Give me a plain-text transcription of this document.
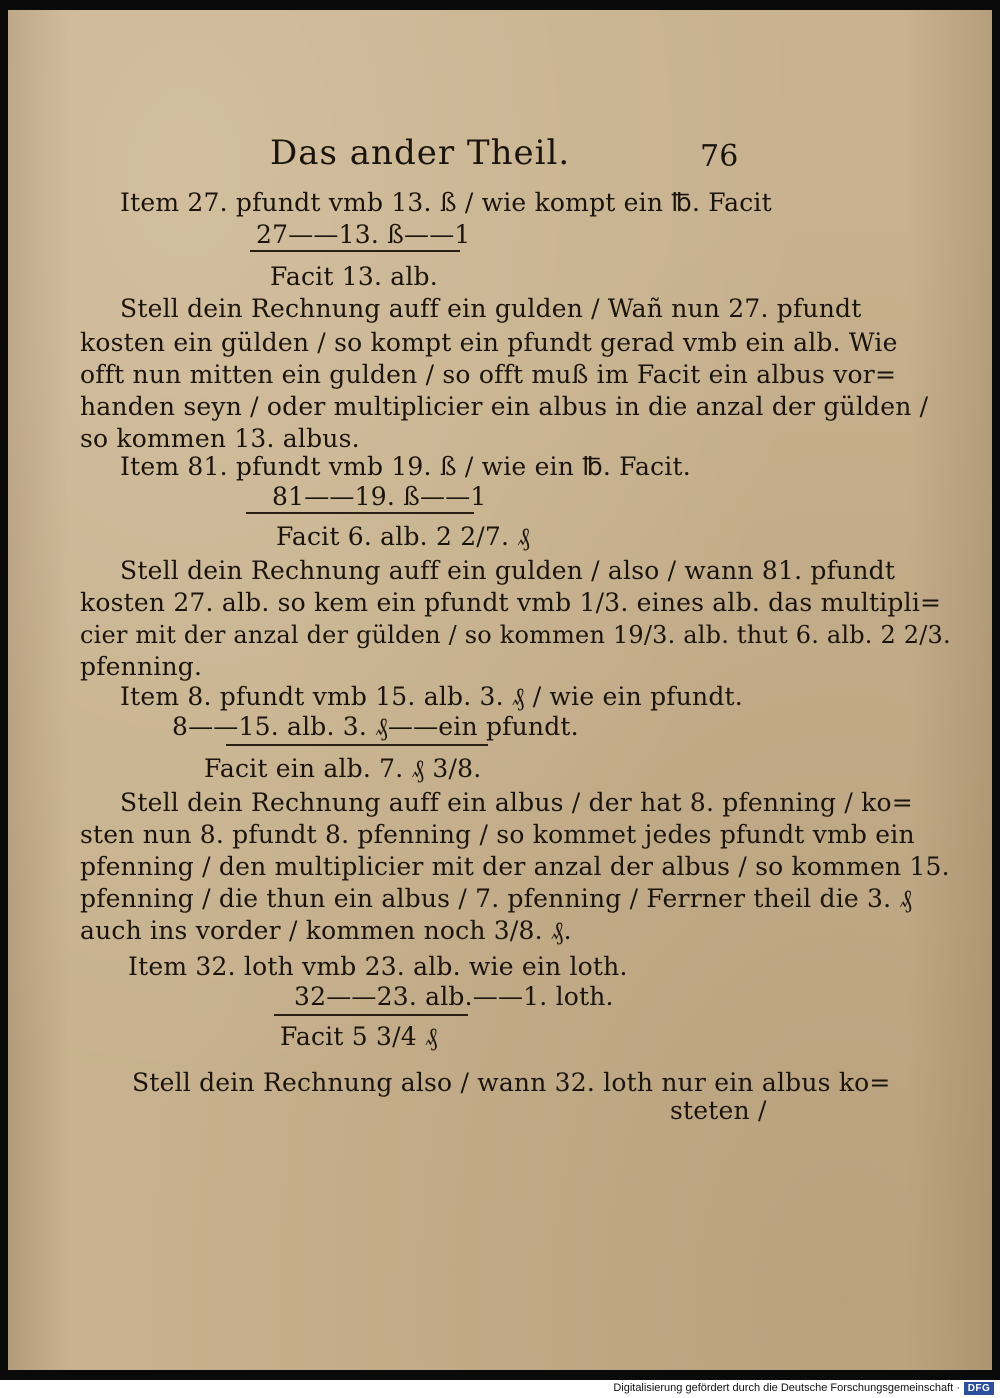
Das ander Theil.	76
Item 27. pfundt vmb 13. ß / wie kompt ein ℔. Facit
27——13. ß——1
Facit 13. alb.
Stell dein Rechnung auff ein gulden / Wañ nun 27. pfundt
kosten ein gülden / so kompt ein pfundt gerad vmb ein alb. Wie
offt nun mitten ein gulden / so offt muß im Facit ein albus vor=
handen seyn / oder multiplicier ein albus in die anzal der gülden /
so kommen 13. albus.
Item 81. pfundt vmb 19. ß / wie ein ℔. Facit.
81——19. ß——1
Facit 6. alb. 2 2/7. ₰
Stell dein Rechnung auff ein gulden / also / wann 81. pfundt
kosten 27. alb. so kem ein pfundt vmb 1/3. eines alb. das multipli=
cier mit der anzal der gülden / so kommen 19/3. alb. thut 6. alb. 2 2/3.
pfenning.
Item 8. pfundt vmb 15. alb. 3. ₰ / wie ein pfundt.
8——15. alb. 3. ₰——ein pfundt.
Facit ein alb. 7. ₰ 3/8.
Stell dein Rechnung auff ein albus / der hat 8. pfenning / ko=
sten nun 8. pfundt 8. pfenning / so kommet jedes pfundt vmb ein
pfenning / den multiplicier mit der anzal der albus / so kommen 15.
pfenning / die thun ein albus / 7. pfenning / Ferrner theil die 3. ₰
auch ins vorder / kommen noch 3/8. ₰.
Item 32. loth vmb 23. alb. wie ein loth.
32——23. alb.——1. loth.
Facit 5 3/4 ₰
Stell dein Rechnung also / wann 32. loth nur ein albus ko=
steten /
Digitalisierung gefördert durch die Deutsche Forschungsgemeinschaft · DFG
